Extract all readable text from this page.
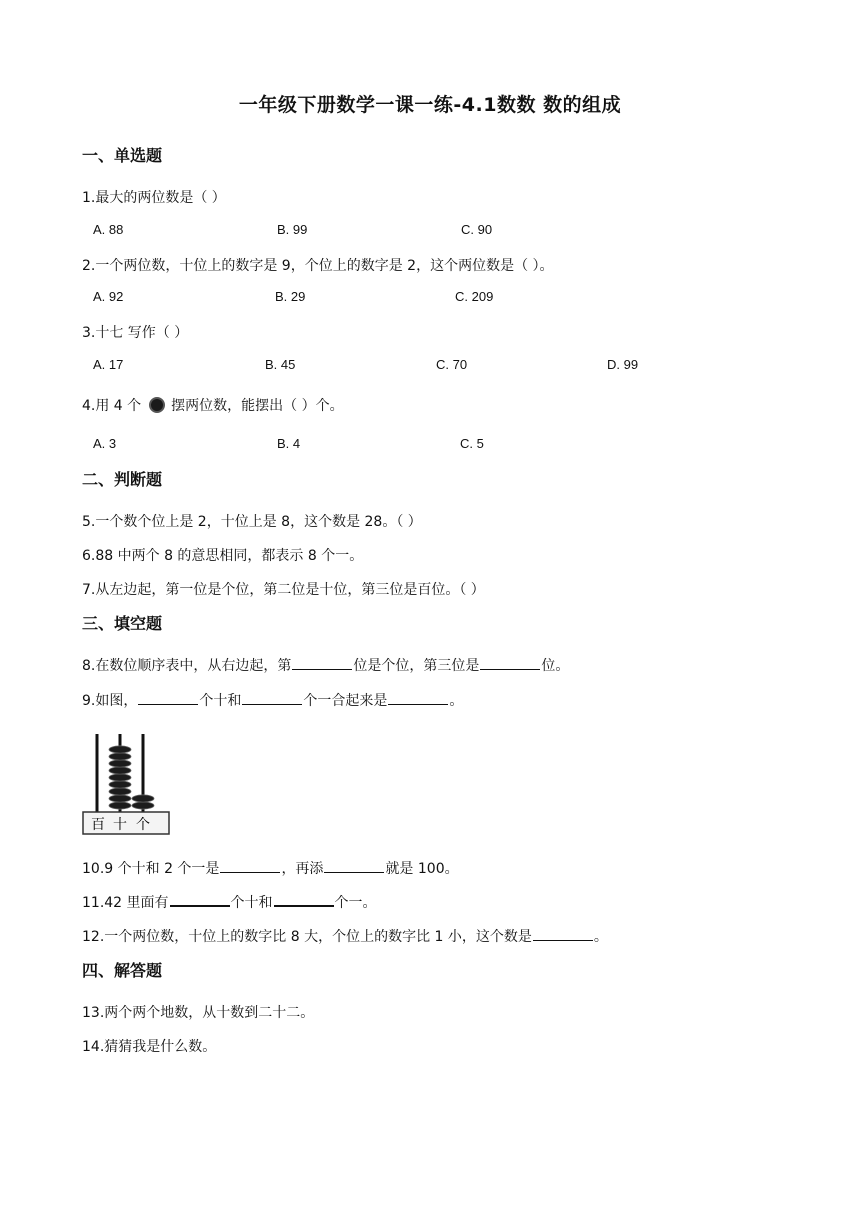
一年级下册数学一课一练-4.1数数 数的组成
一、单选题
1.最大的两位数是（ ）
A. 88	B. 99	C. 90
2.一个两位数，十位上的数字是 9，个位上的数字是 2，这个两位数是（ ）。
A. 92	B. 29	C. 209
3.十七 写作（ ）
A. 17	B. 45	C. 70	D. 99
4.用 4 个 摆两位数，能摆出（ ）个。
A. 3	B. 4	C. 5
二、判断题
5.一个数个位上是 2，十位上是 8，这个数是 28。（ ）
6.88 中两个 8 的意思相同，都表示 8 个一。
7.从左边起，第一位是个位，第二位是十位，第三位是百位。（ ）
三、填空题
8.在数位顺序表中，从右边起，第	位是个位，第三位是	位。
9.如图，	个十和	个一合起来是	。
百 十 个
10.9 个十和 2 个一是	，再添	就是 100。
11.42 里面有	个十和	个一。
12.一个两位数，十位上的数字比 8 大，个位上的数字比 1 小，这个数是	。
四、解答题
13.两个两个地数，从十数到二十二。
14.猜猜我是什么数。
